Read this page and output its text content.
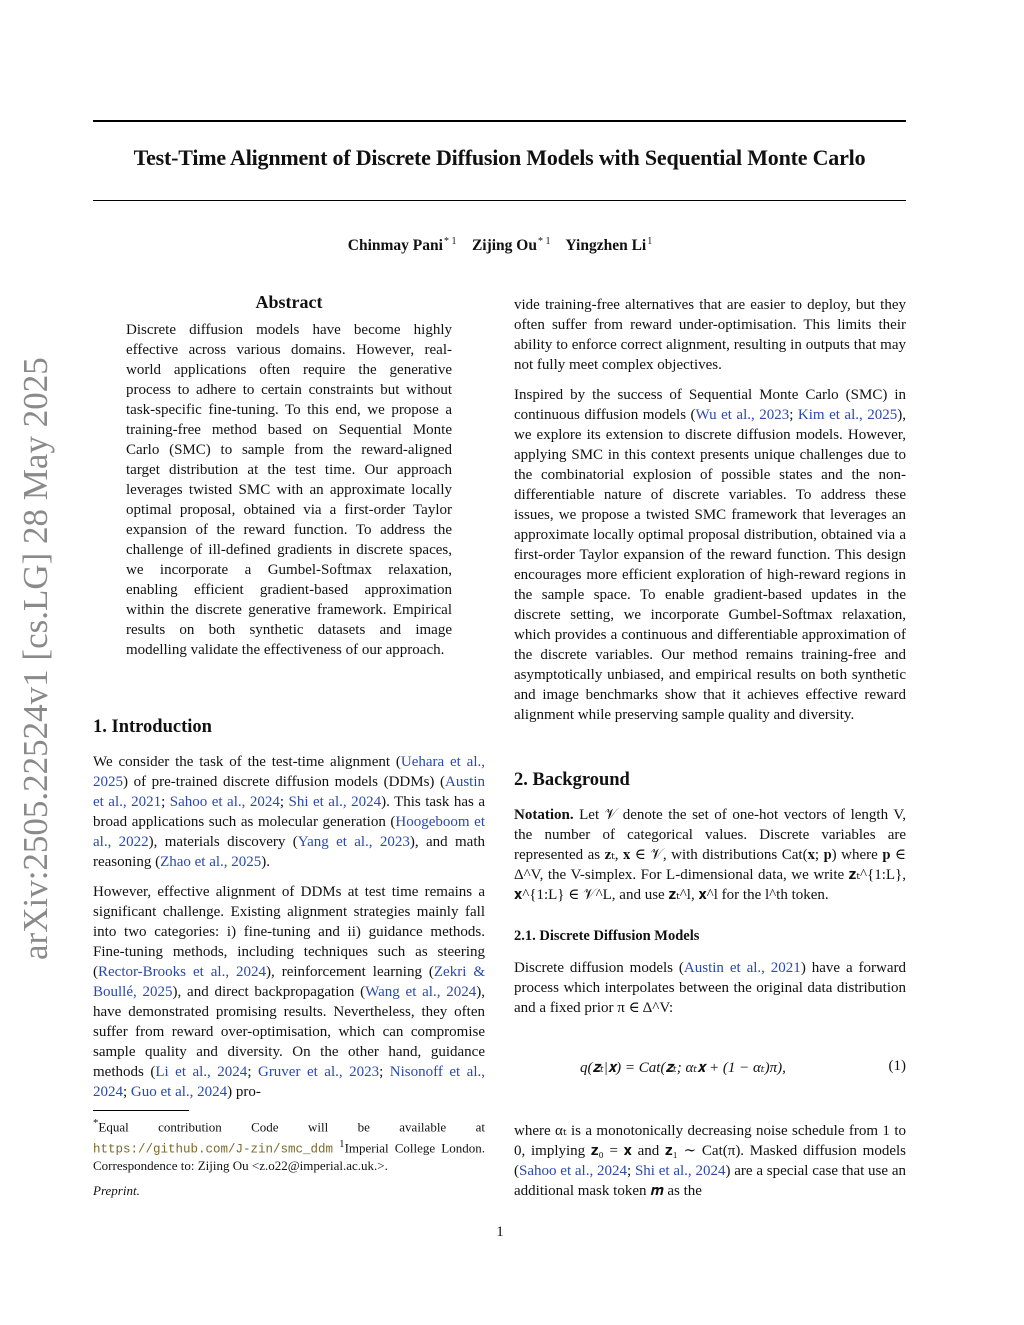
Test-Time Alignment of Discrete Diffusion Models with Sequential Monte Carlo
Chinmay Pani$^{* 1}$ Zijing Ou$^{* 1}$ Yingzhen Li$^1$
arXiv:2505.22524v1 [cs.LG] 28 May 2025
Abstract
Discrete diffusion models have become highly effective across various domains. However, real-world applications often require the generative process to adhere to certain constraints but without task-specific fine-tuning. To this end, we propose a training-free method based on Sequential Monte Carlo (SMC) to sample from the reward-aligned target distribution at the test time. Our approach leverages twisted SMC with an approximate locally optimal proposal, obtained via a first-order Taylor expansion of the reward function. To address the challenge of ill-defined gradients in discrete spaces, we incorporate a Gumbel-Softmax relaxation, enabling efficient gradient-based approximation within the discrete generative framework. Empirical results on both synthetic datasets and image modelling validate the effectiveness of our approach.
1. Introduction
We consider the task of the test-time alignment (Uehara et al., 2025) of pre-trained discrete diffusion models (DDMs) (Austin et al., 2021; Sahoo et al., 2024; Shi et al., 2024). This task has a broad applications such as molecular generation (Hoogeboom et al., 2022), materials discovery (Yang et al., 2023), and math reasoning (Zhao et al., 2025).
However, effective alignment of DDMs at test time remains a significant challenge. Existing alignment strategies mainly fall into two categories: i) fine-tuning and ii) guidance methods. Fine-tuning methods, including techniques such as steering (Rector-Brooks et al., 2024), reinforcement learning (Zekri & Boullé, 2025), and direct backpropagation (Wang et al., 2024), have demonstrated promising results. Nevertheless, they often suffer from reward over-optimisation, which can compromise sample quality and diversity. On the other hand, guidance methods (Li et al., 2024; Gruver et al., 2023; Nisonoff et al., 2024; Guo et al., 2024) pro-
*Equal contribution Code will be available at https://github.com/J-zin/smc_ddm $^1$Imperial College London. Correspondence to: Zijing Ou <z.o22@imperial.ac.uk.>.
Preprint.
vide training-free alternatives that are easier to deploy, but they often suffer from reward under-optimisation. This limits their ability to enforce correct alignment, resulting in outputs that may not fully meet complex objectives.
Inspired by the success of Sequential Monte Carlo (SMC) in continuous diffusion models (Wu et al., 2023; Kim et al., 2025), we explore its extension to discrete diffusion models. However, applying SMC in this context presents unique challenges due to the combinatorial explosion of possible states and the non-differentiable nature of discrete variables. To address these issues, we propose a twisted SMC framework that leverages an approximate locally optimal proposal distribution, obtained via a first-order Taylor expansion of the reward function. This design encourages more efficient exploration of high-reward regions in the sample space. To enable gradient-based updates in the discrete setting, we incorporate Gumbel-Softmax relaxation, which provides a continuous and differentiable approximation of the discrete variables. Our method remains training-free and asymptotically unbiased, and empirical results on both synthetic and image benchmarks show that it achieves effective reward alignment while preserving sample quality and diversity.
2. Background
Notation. Let 𝒱 denote the set of one-hot vectors of length V, the number of categorical values. Discrete variables are represented as 𝐳ₜ, 𝐱 ∈ 𝒱, with distributions Cat(𝐱; 𝐩) where 𝐩 ∈ Δ^V, the V-simplex. For L-dimensional data, we write 𝐳ₜ^{1:L}, 𝐱^{1:L} ∈ 𝒱^L, and use 𝐳ₜ^l, 𝐱^l for the l^th token.
2.1. Discrete Diffusion Models
Discrete diffusion models (Austin et al., 2021) have a forward process which interpolates between the original data distribution and a fixed prior π ∈ Δ^V:
q(𝐳ₜ|𝐱) = Cat(𝐳ₜ; αₜ𝐱 + (1 − αₜ)π),	(1)
where αₜ is a monotonically decreasing noise schedule from 1 to 0, implying 𝐳₀ = 𝐱 and 𝐳₁ ∼ Cat(π). Masked diffusion models (Sahoo et al., 2024; Shi et al., 2024) are a special case that use an additional mask token 𝒎 as the
1
